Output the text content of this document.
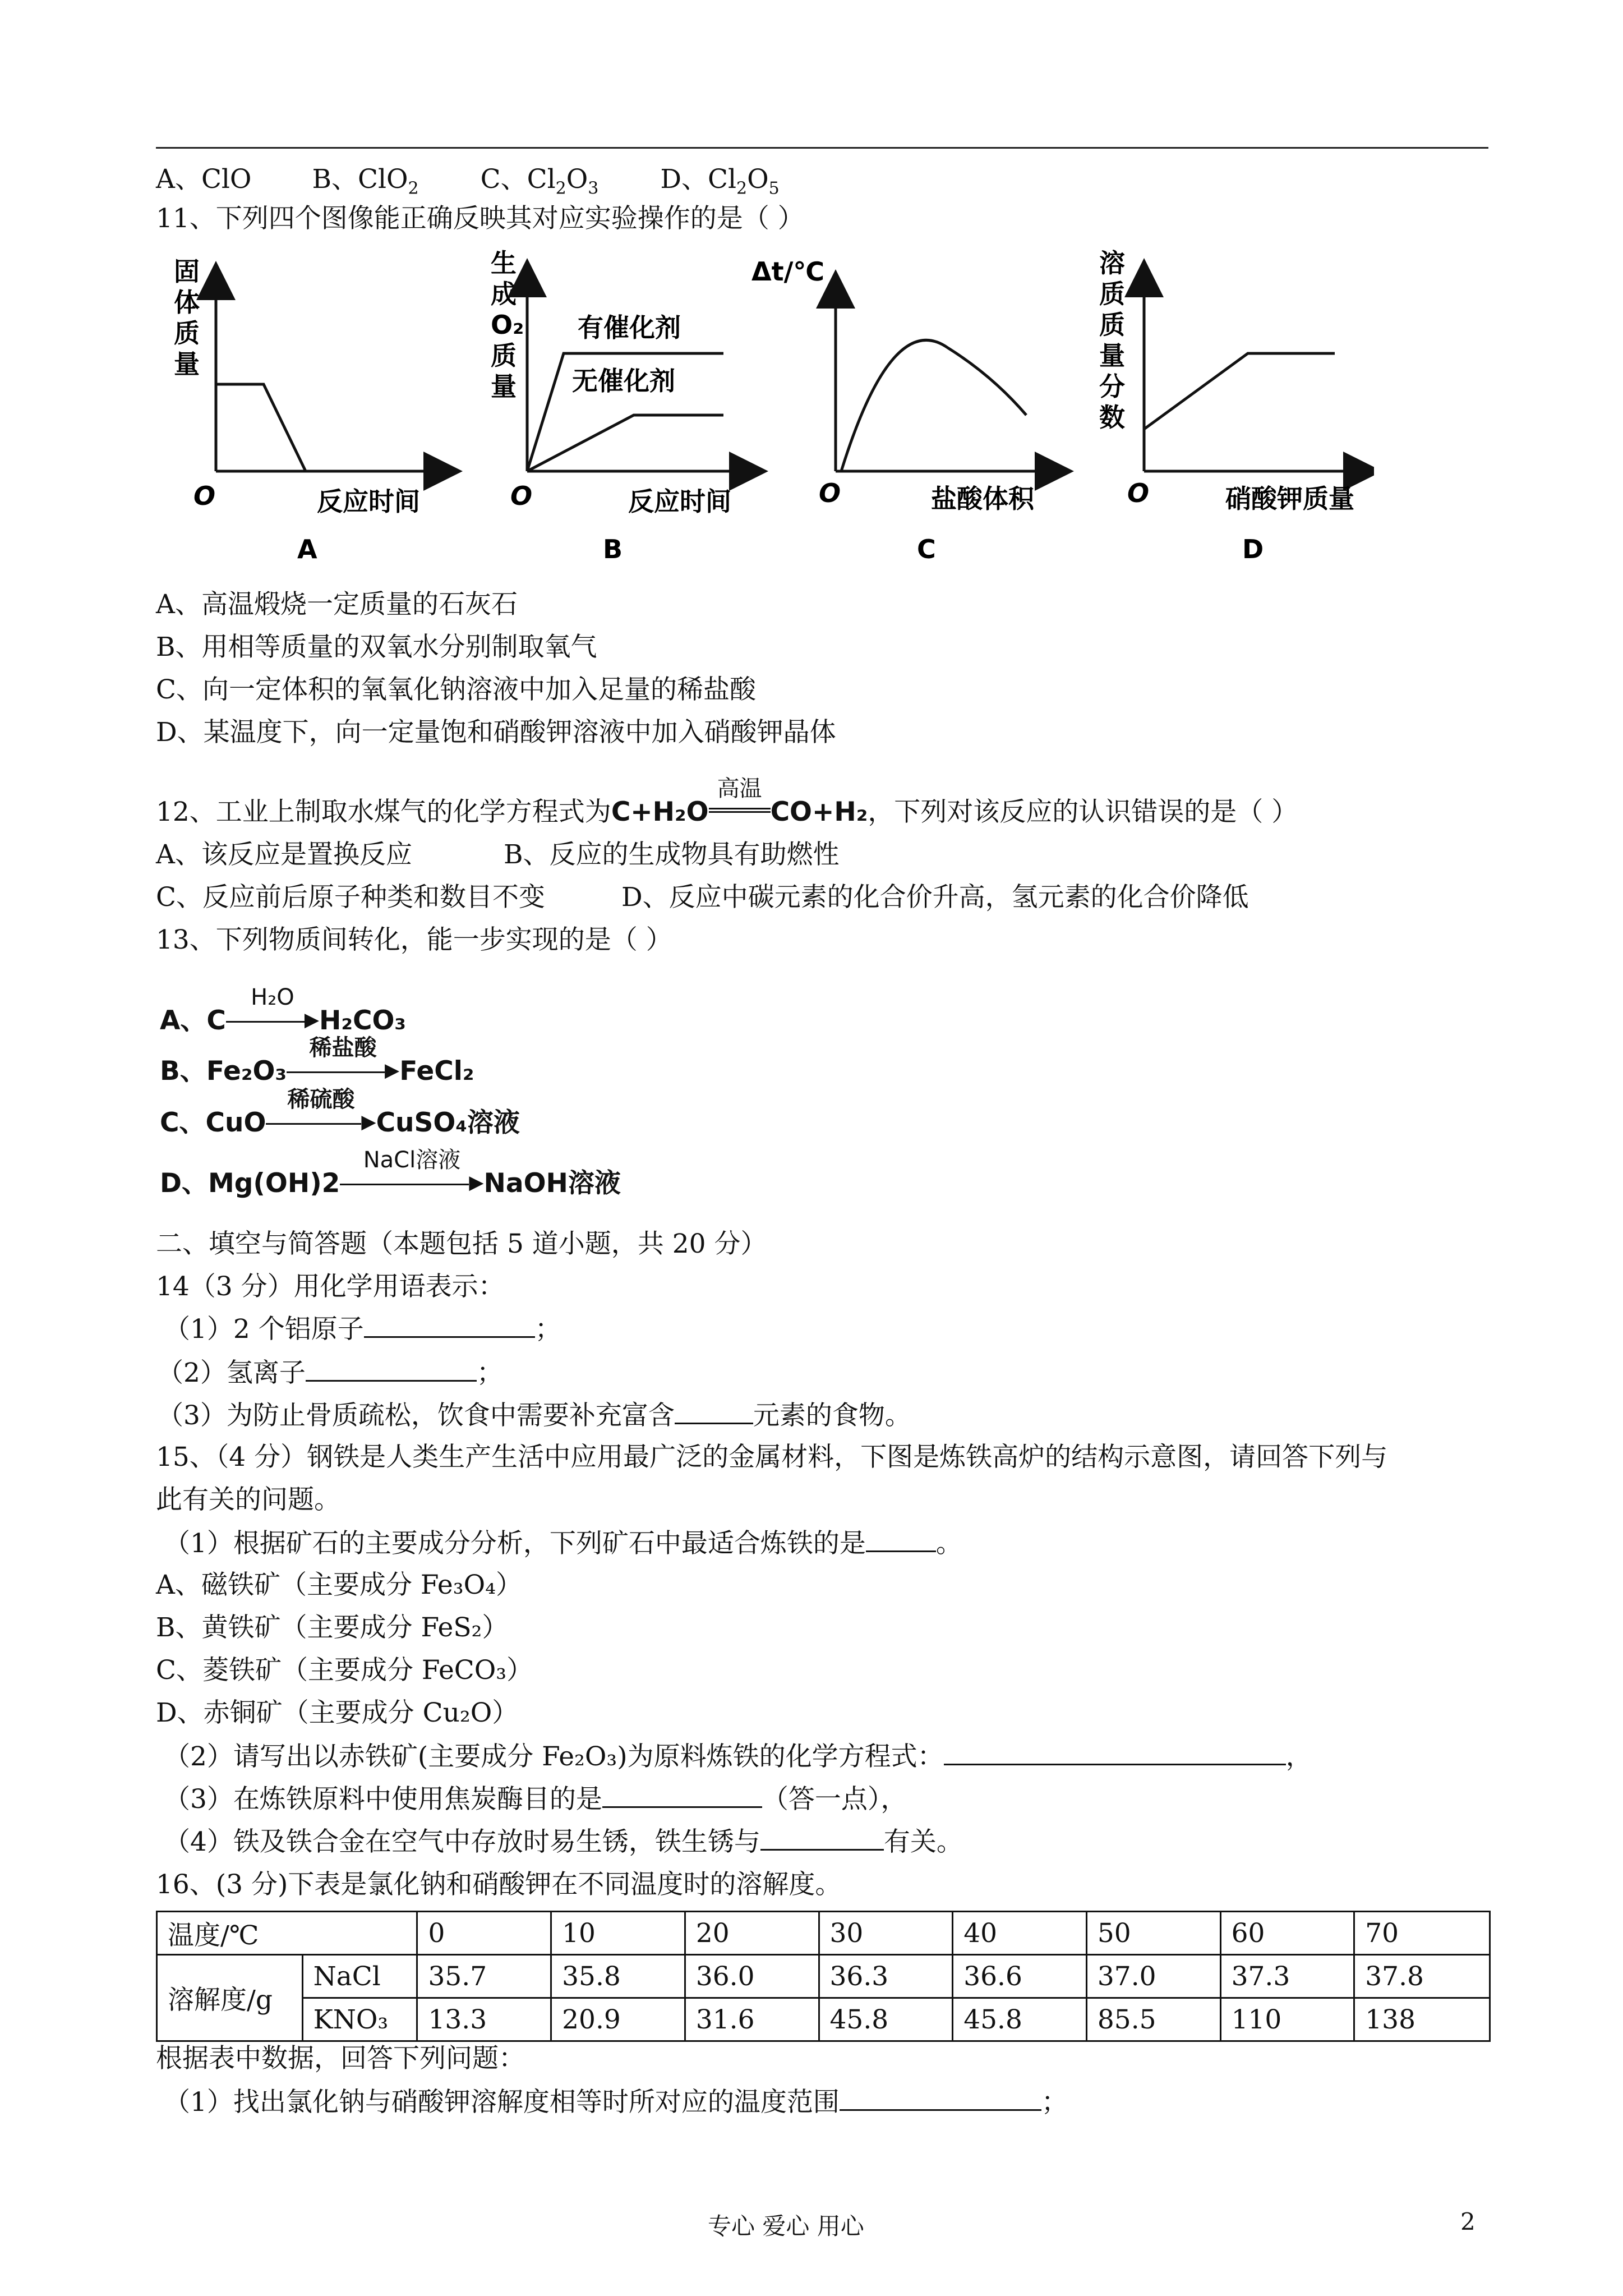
A、ClO B、ClO$_2$ C、$Cl_2O_3$ D、$Cl_2O_5$
11、下列四个图像能正确反映其对应实验操作的是（ ）
固
体
质
量
O	反应时间
A
生
成
O₂
质
量
有催化剂
无催化剂
O	反应时间
B
Δt/℃
O	盐酸体积
C
溶
质
质
量
分
数
O	硝酸钾质量
D
A、高温煅烧一定质量的石灰石
B、用相等质量的双氧水分别制取氧气
C、向一定体积的氧氧化钠溶液中加入足量的稀盐酸
D、某温度下，向一定量饱和硝酸钾溶液中加入硝酸钾晶体
12、工业上制取水煤气的化学方程式为C+H₂O
高温
CO+H₂，下列对该反应的认识错误的是（ ）
A、该反应是置换反应	B、反应的生成物具有助燃性
C、反应前后原子种类和数目不变	D、反应中碳元素的化合价升高，氢元素的化合价降低
13、下列物质间转化，能一步实现的是（ ）
A、C
H₂O
▶H₂CO₃
B、Fe₂O₃
稀盐酸
▶FeCl₂
C、CuO
稀硫酸
▶CuSO₄溶液
D、Mg(OH)2
NaCl溶液
▶NaOH溶液
二、填空与简答题（本题包括 5 道小题，共 20 分）
14（3 分）用化学用语表示：
（1）2 个铝原子	；
（2）氢离子	；
（3）为防止骨质疏松，饮食中需要补充富含	元素的食物。
15、（4 分）钢铁是人类生产生活中应用最广泛的金属材料，下图是炼铁高炉的结构示意图，请回答下列与
此有关的问题。
（1）根据矿石的主要成分分析，下列矿石中最适合炼铁的是	。
A、磁铁矿（主要成分 Fe₃O₄）
B、黄铁矿（主要成分 FeS₂）
C、菱铁矿（主要成分 FeCO₃）
D、赤铜矿（主要成分 Cu₂O）
（2）请写出以赤铁矿(主要成分 Fe₂O₃)为原料炼铁的化学方程式：	，
（3）在炼铁原料中使用焦炭酶目的是	（答一点），
（4）铁及铁合金在空气中存放时易生锈，铁生锈与	有关。
16、(3 分)下表是氯化钠和硝酸钾在不同温度时的溶解度。
温度/℃		0	10	20	30	40	50	60	70
溶解度/g	NaCl	35.7	35.8	36.0	36.3	36.6	37.0	37.3	37.8
	KNO₃	13.3	20.9	31.6	45.8	45.8	85.5	110	138
根据表中数据，回答下列问题：
（1）找出氯化钠与硝酸钾溶解度相等时所对应的温度范围	；
专心 爱心 用心	2
